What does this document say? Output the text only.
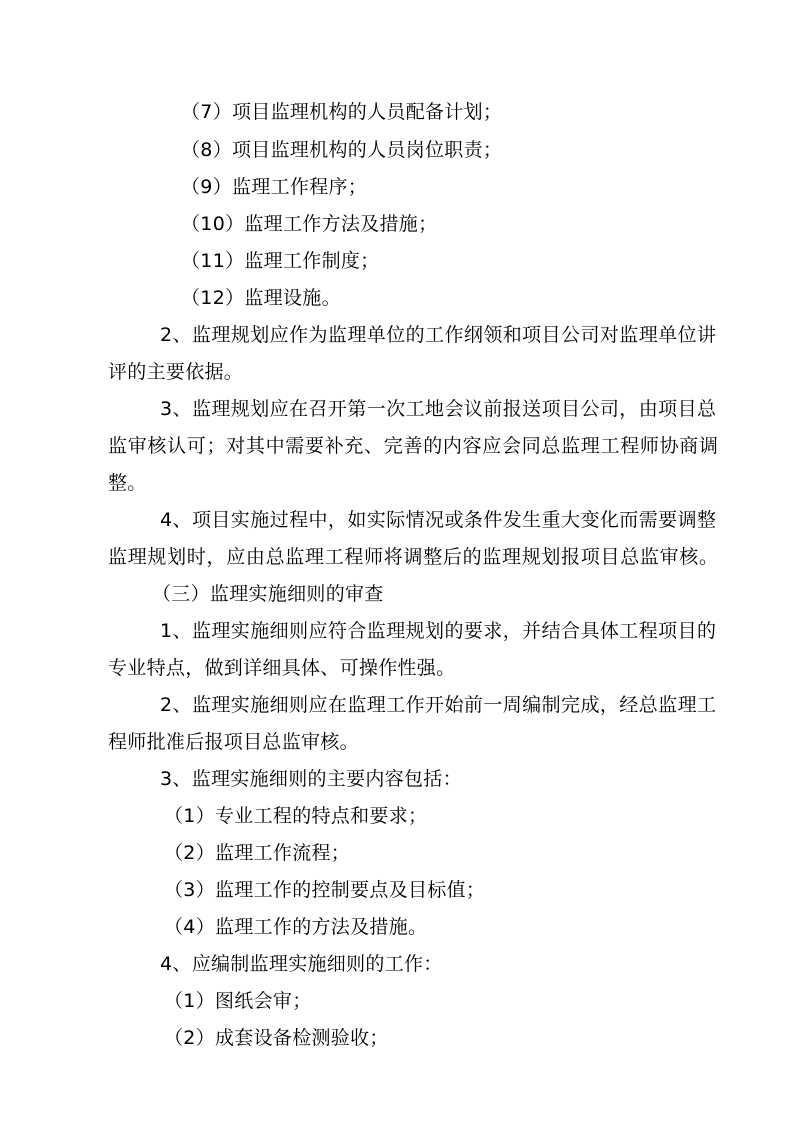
（7）项目监理机构的人员配备计划；
（8）项目监理机构的人员岗位职责；
（9）监理工作程序；
（10）监理工作方法及措施；
（11）监理工作制度；
（12）监理设施。
2、监理规划应作为监理单位的工作纲领和项目公司对监理单位讲
评的主要依据。
3、监理规划应在召开第一次工地会议前报送项目公司，由项目总
监审核认可；对其中需要补充、完善的内容应会同总监理工程师协商调
整。
4、项目实施过程中，如实际情况或条件发生重大变化而需要调整
监理规划时，应由总监理工程师将调整后的监理规划报项目总监审核。
（三）监理实施细则的审查
1、监理实施细则应符合监理规划的要求，并结合具体工程项目的
专业特点，做到详细具体、可操作性强。
2、监理实施细则应在监理工作开始前一周编制完成，经总监理工
程师批准后报项目总监审核。
3、监理实施细则的主要内容包括：
（1）专业工程的特点和要求；
（2）监理工作流程；
（3）监理工作的控制要点及目标值；
（4）监理工作的方法及措施。
4、应编制监理实施细则的工作：
（1）图纸会审；
（2）成套设备检测验收；
